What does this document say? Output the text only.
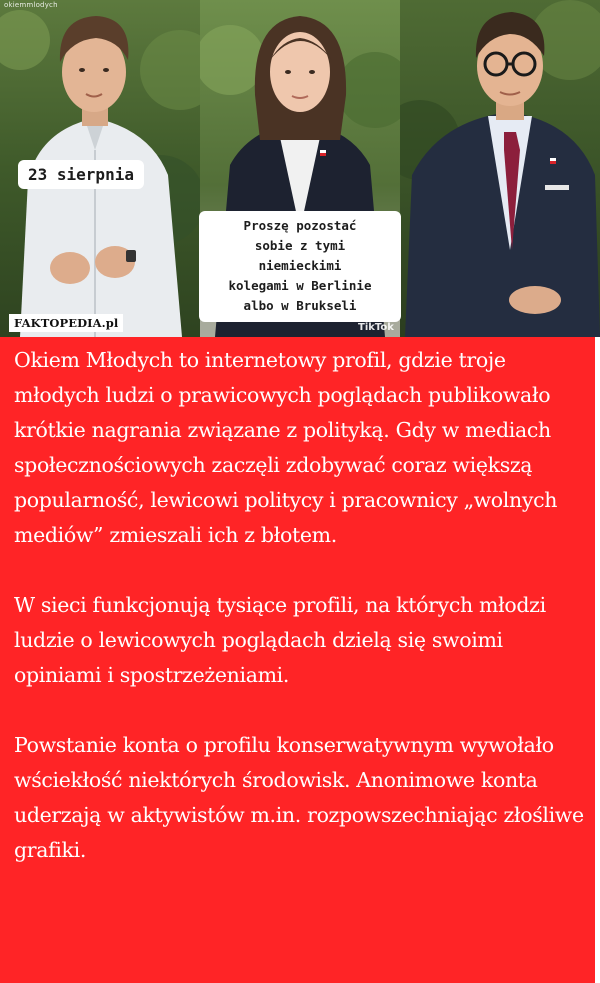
okiemmlodych
23 sierpnia
Proszę pozostać
sobie z tymi
niemieckimi
kolegami w Berlinie
albo w Brukseli
TikTok
FAKTOPEDIA.pl

Okiem Młodych to internetowy profil, gdzie troje młodych ludzi o prawicowych poglądach publikowało krótkie nagrania związane z polityką. Gdy w mediach społecznościowych zaczęli zdobywać coraz większą popularność, lewicowi politycy i pracownicy „wolnych mediów” zmieszali ich z błotem.

W sieci funkcjonują tysiące profili, na których młodzi ludzie o lewicowych poglądach dzielą się swoimi opiniami i spostrzeżeniami.

Powstanie konta o profilu konserwatywnym wywołało wściekłość niektórych środowisk. Anonimowe konta uderzają w aktywistów m.in. rozpowszechniając złośliwe grafiki.
